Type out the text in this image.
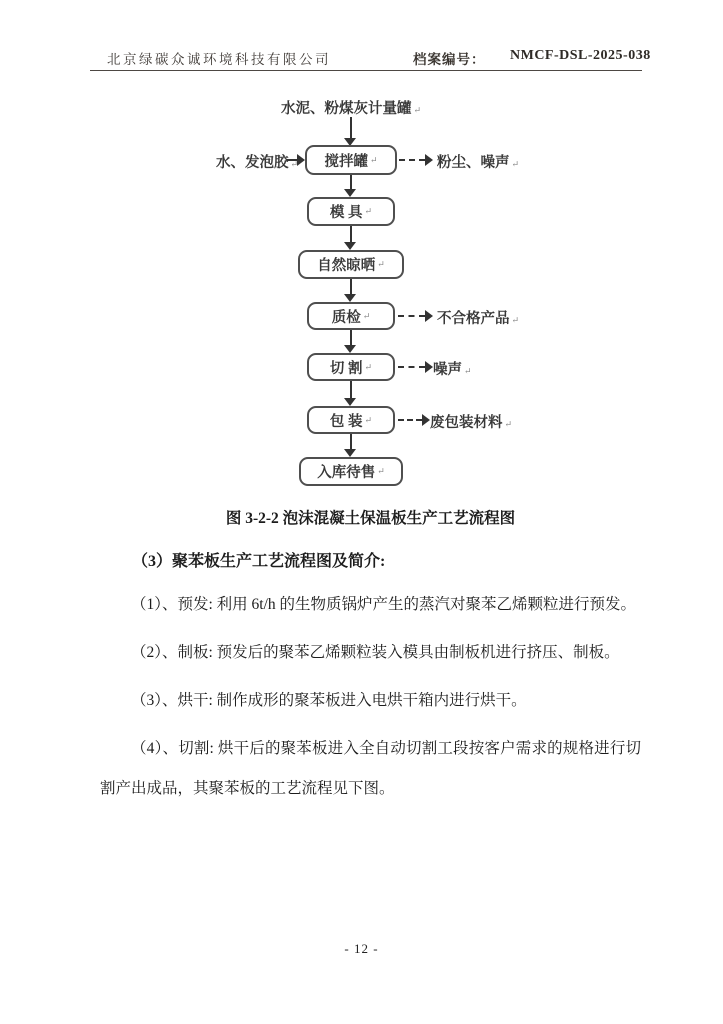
北京绿碳众诚环境科技有限公司	档案编号： NMCF-DSL-2025-038
水泥、粉煤灰计量罐 ↵
搅拌罐 ↵
水、发泡胶 ↵	粉尘、噪声 ↵
模 具 ↵
自然晾晒 ↵
质检 ↵	不合格产品 ↵
切 割 ↵	噪声 ↵
包 装 ↵	废包装材料 ↵
入库待售 ↵

图 3-2-2 泡沫混凝土保温板生产工艺流程图

（3）聚苯板生产工艺流程图及简介:

（1）、预发: 利用 6t/h 的生物质锅炉产生的蒸汽对聚苯乙烯颗粒进行预发。

（2）、制板: 预发后的聚苯乙烯颗粒装入模具由制板机进行挤压、制板。

（3）、烘干: 制作成形的聚苯板进入电烘干箱内进行烘干。

（4）、切割: 烘干后的聚苯板进入全自动切割工段按客户需求的规格进行切割产出成品，其聚苯板的工艺流程见下图。

- 12 -
